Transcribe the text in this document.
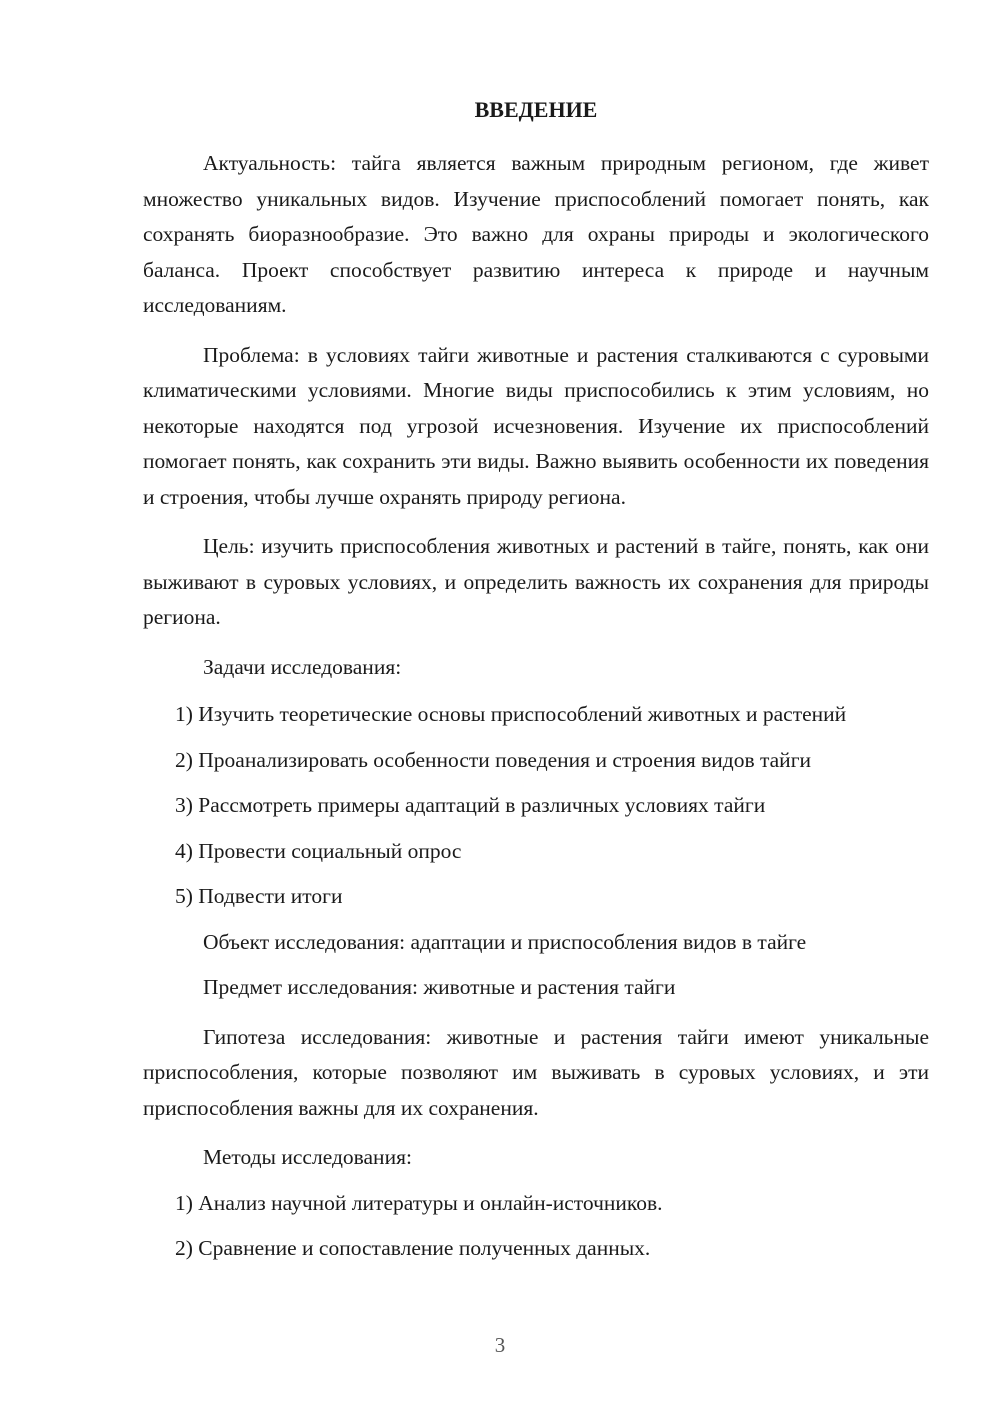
ВВЕДЕНИЕ

Актуальность: тайга является важным природным регионом, где живет множество уникальных видов. Изучение приспособлений помогает понять, как сохранять биоразнообразие. Это важно для охраны природы и экологического баланса. Проект способствует развитию интереса к природе и научным исследованиям.

Проблема: в условиях тайги животные и растения сталкиваются с суровыми климатическими условиями. Многие виды приспособились к этим условиям, но некоторые находятся под угрозой исчезновения. Изучение их приспособлений помогает понять, как сохранить эти виды. Важно выявить особенности их поведения и строения, чтобы лучше охранять природу региона.

Цель: изучить приспособления животных и растений в тайге, понять, как они выживают в суровых условиях, и определить важность их сохранения для природы региона.

Задачи исследования:

1) Изучить теоретические основы приспособлений животных и растений

2) Проанализировать особенности поведения и строения видов тайги

3) Рассмотреть примеры адаптаций в различных условиях тайги

4) Провести социальный опрос

5) Подвести итоги

Объект исследования: адаптации и приспособления видов в тайге

Предмет исследования: животные и растения тайги

Гипотеза исследования: животные и растения тайги имеют уникальные приспособления, которые позволяют им выживать в суровых условиях, и эти приспособления важны для их сохранения.

Методы исследования:

1) Анализ научной литературы и онлайн-источников.

2) Сравнение и сопоставление полученных данных.

3
